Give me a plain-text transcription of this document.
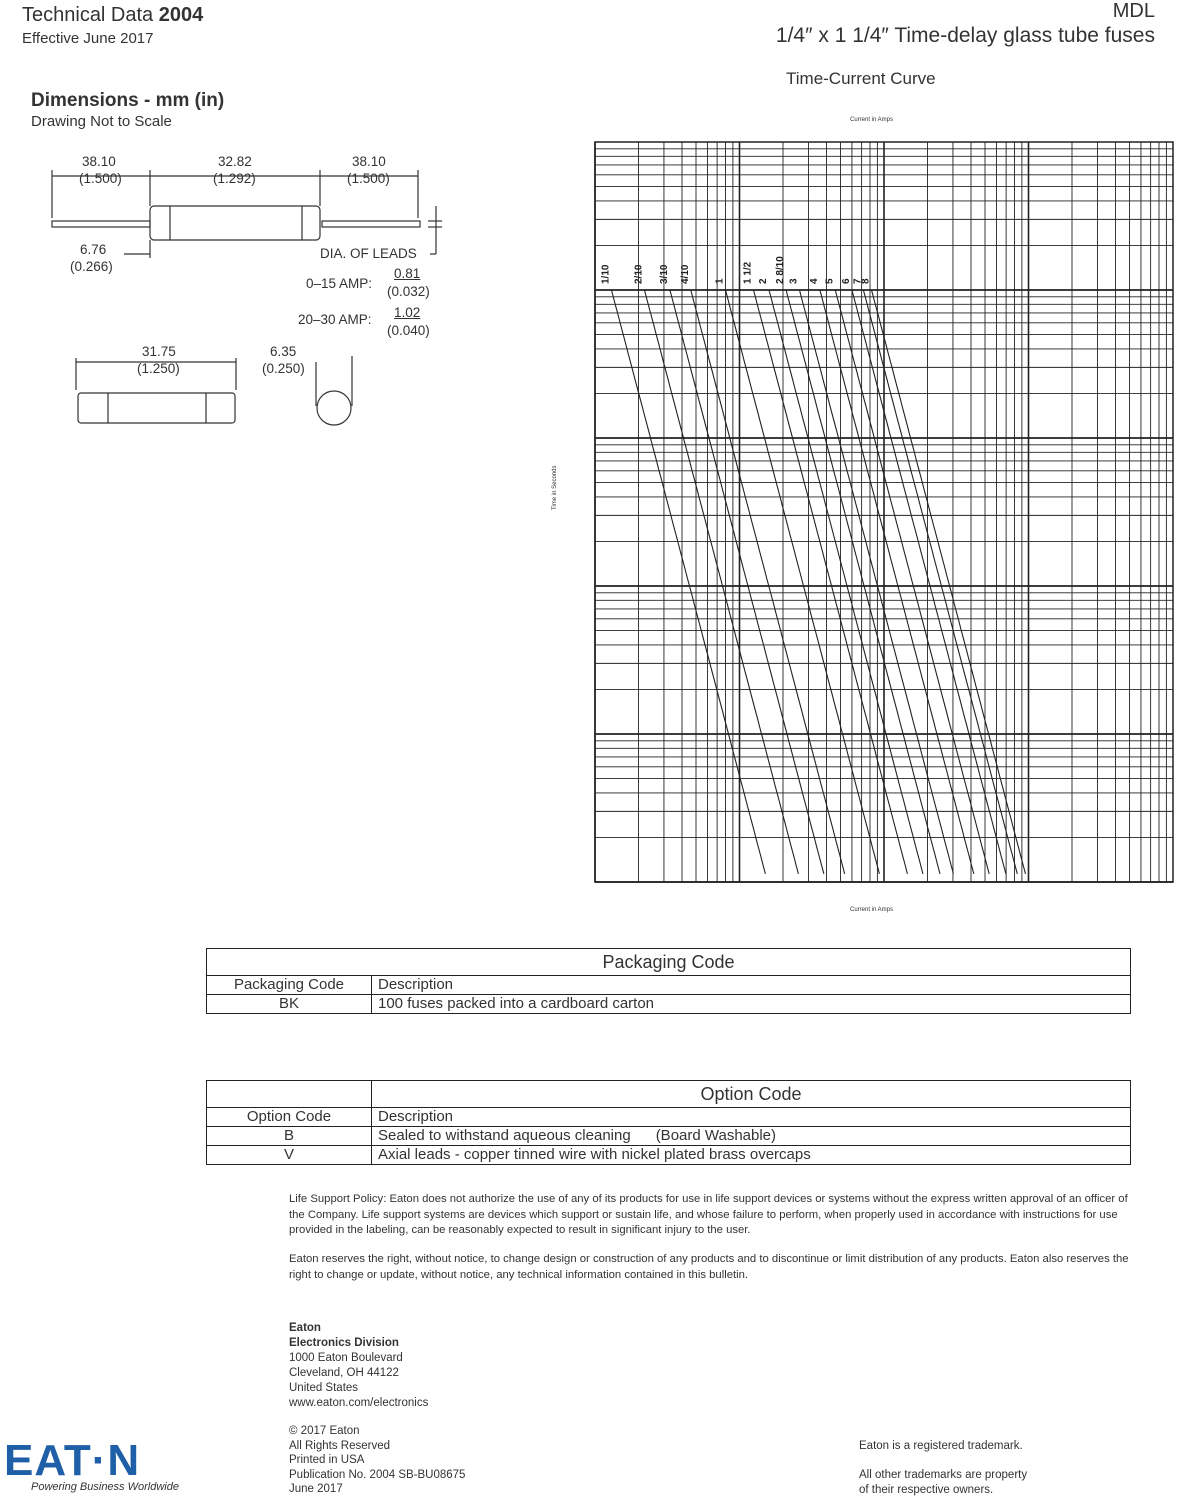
Technical Data 2004
Effective June 2017
MDL
1/4″ x 1 1/4″ Time-delay glass tube fuses
Dimensions - mm (in)
Drawing Not to Scale
38.10
(1.500)
32.82
(1.292)
38.10
(1.500)
6.76
(0.266)
DIA. OF LEADS
0–15 AMP:
0.81
(0.032)
20–30 AMP: 1.02
(0.040)
31.75
(1.250)
6.35
(0.250)
Time-Current Curve
Current in Amps
Current in Amps
Time in Seconds
1/10 2/10 3/10 4/10 1 1 1/2 2 2 8/10 3 4 5 6 7
8
Packaging Code	
Packaging Code	Description
BK	100 fuses packed into a cardboard carton
	Option Code
Option Code	Description
B	Sealed to withstand aqueous cleaning      (Board Washable)
V	Axial leads - copper tinned wire with nickel plated brass overcaps
Life Support Policy: Eaton does not authorize the use of any of its products for use in life support devices or systems without the express written approval of an officer of the Company. Life support systems are devices which support or sustain life, and whose failure to perform, when properly used in accordance with instructions for use provided in the labeling, can be reasonably expected to result in significant injury to the user.
Eaton reserves the right, without notice, to change design or construction of any products and to discontinue or limit distribution of any products. Eaton also reserves the right to change or update, without notice, any technical information contained in this bulletin.
Eaton
Electronics Division
1000 Eaton Boulevard
Cleveland, OH 44122
United States
www.eaton.com/electronics
© 2017 Eaton
All Rights Reserved
Printed in USA
Publication No. 2004 SB-BU08675
June 2017
Eaton is a registered trademark.
All other trademarks are property
of their respective owners.
EAT·N
Powering Business Worldwide
